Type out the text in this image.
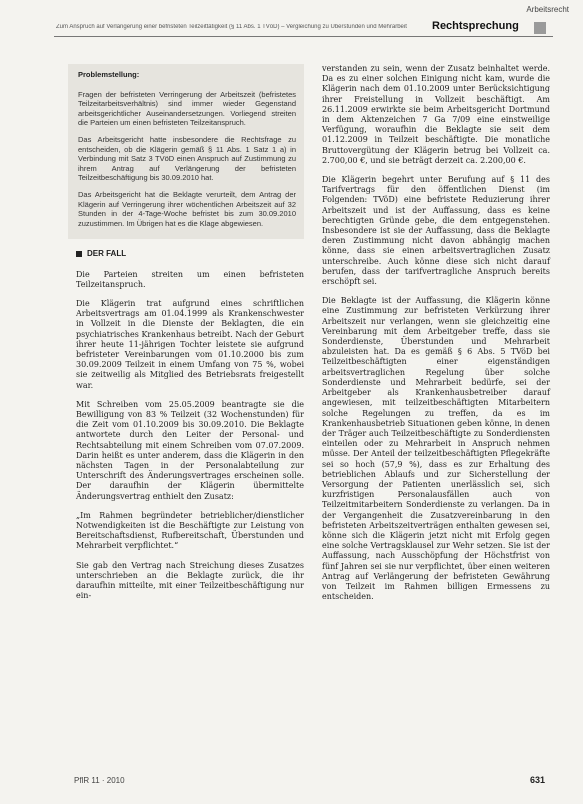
Arbeitsrecht
Zum Anspruch auf Verlängerung einer befristeten Teilzeittätigkeit (§ 11 Abs. 1 TVöD) – Vergleichung zu Überstunden und Mehrarbeit	Rechtsprechung
Problemstellung:

Fragen der befristeten Verringerung der Arbeitszeit (befristetes Teilzeitarbeitsverhältnis) sind immer wieder Gegenstand arbeitsgerichtlicher Auseinandersetzungen. Vorliegend streiten die Parteien um einen befristeten Teilzeitanspruch.

Das Arbeitsgericht hatte insbesondere die Rechtsfrage zu entscheiden, ob die Klägerin gemäß § 11 Abs. 1 Satz 1 a) in Verbindung mit Satz 3 TVöD einen Anspruch auf Zustimmung zu ihrem Antrag auf Verlängerung der befristeten Teilzeitbeschäftigung bis 30.09.2010 hat.

Das Arbeitsgericht hat die Beklagte verurteilt, dem Antrag der Klägerin auf Verringerung ihrer wöchentlichen Arbeitszeit auf 32 Stunden in der 4-Tage-Woche befristet bis zum 30.09.2010 zuzustimmen. Im Übrigen hat es die Klage abgewiesen.

DER FALL

Die Parteien streiten um einen befristeten Teilzeitanspruch.

Die Klägerin trat aufgrund eines schriftlichen Arbeitsvertrags am 01.04.1999 als Krankenschwester in Vollzeit in die Dienste der Beklagten, die ein psychiatrisches Krankenhaus betreibt. Nach der Geburt ihrer heute 11-jährigen Tochter leistete sie aufgrund befristeter Vereinbarungen vom 01.10.2000 bis zum 30.09.2009 Teilzeit in einem Umfang von 75 %, wobei sie zeitweilig als Mitglied des Betriebsrats freigestellt war.

Mit Schreiben vom 25.05.2009 beantragte sie die Bewilligung von 83 % Teilzeit (32 Wochenstunden) für die Zeit vom 01.10.2009 bis 30.09.2010. Die Beklagte antwortete durch den Leiter der Personal- und Rechtsabteilung mit einem Schreiben vom 07.07.2009. Darin heißt es unter anderem, dass die Klägerin in den nächsten Tagen in der Personalabteilung zur Unterschrift des Änderungsvertrages erscheinen solle. Der daraufhin der Klägerin übermittelte Änderungsvertrag enthielt den Zusatz:

„Im Rahmen begründeter betrieblicher/dienstlicher Notwendigkeiten ist die Beschäftigte zur Leistung von Bereitschaftsdienst, Rufbereitschaft, Überstunden und Mehrarbeit verpflichtet.“

Sie gab den Vertrag nach Streichung dieses Zusatzes unterschrieben an die Beklagte zurück, die ihr daraufhin mitteilte, mit einer Teilzeitbeschäftigung nur ein-

verstanden zu sein, wenn der Zusatz beinhaltet werde. Da es zu einer solchen Einigung nicht kam, wurde die Klägerin nach dem 01.10.2009 unter Berücksichtigung ihrer Freistellung in Vollzeit beschäftigt. Am 26.11.2009 erwirkte sie beim Arbeitsgericht Dortmund in dem Aktenzeichen 7 Ga 7/09 eine einstweilige Verfügung, woraufhin die Beklagte sie seit dem 01.12.2009 in Teilzeit beschäftigte. Die monatliche Bruttovergütung der Klägerin betrug bei Vollzeit ca. 2.700,00 €, und sie beträgt derzeit ca. 2.200,00 €.

Die Klägerin begehrt unter Berufung auf § 11 des Tarifvertrags für den öffentlichen Dienst (im Folgenden: TVöD) eine befristete Reduzierung ihrer Arbeitszeit und ist der Auffassung, dass es keine berechtigten Gründe gebe, die dem entgegenstehen. Insbesondere ist sie der Auffassung, dass die Beklagte deren Zustimmung nicht davon abhängig machen könne, dass sie einen arbeitsvertraglichen Zusatz unterschreibe. Auch könne diese sich nicht darauf berufen, dass der tarifvertragliche Anspruch bereits erschöpft sei.

Die Beklagte ist der Auffassung, die Klägerin könne eine Zustimmung zur befristeten Verkürzung ihrer Arbeitszeit nur verlangen, wenn sie gleichzeitig eine Vereinbarung mit dem Arbeitgeber treffe, dass sie Sonderdienste, Überstunden und Mehrarbeit abzuleisten hat. Da es gemäß § 6 Abs. 5 TVöD bei Teilzeitbeschäftigten einer eigenständigen arbeitsvertraglichen Regelung über solche Sonderdienste und Mehrarbeit bedürfe, sei der Arbeitgeber als Krankenhausbetreiber darauf angewiesen, mit teilzeitbeschäftigten Mitarbeitern solche Regelungen zu treffen, da es im Krankenhausbetrieb Situationen geben könne, in denen der Träger auch Teilzeitbeschäftigte zu Sonderdiensten einteilen oder zu Mehrarbeit in Anspruch nehmen müsse. Der Anteil der teilzeitbeschäftigten Pflegekräfte sei so hoch (57,9 %), dass es zur Erhaltung des betrieblichen Ablaufs und zur Sicherstellung der Versorgung der Patienten unerlässlich sei, sich kurzfristigen Personalausfällen auch von Teilzeitmitarbeitern Sonderdienste zu verlangen. Da in der Vergangenheit die Zusatzvereinbarung in den befristeten Arbeitszeitverträgen enthalten gewesen sei, könne sich die Klägerin jetzt nicht mit Erfolg gegen eine solche Vertragsklausel zur Wehr setzen. Sie ist der Auffassung, nach Ausschöpfung der Höchstfrist von fünf Jahren sei sie nur verpflichtet, über einen weiteren Antrag auf Verlängerung der befristeten Gewährung von Teilzeit im Rahmen billigen Ermessens zu entscheiden.

PflR 11 · 2010	631
